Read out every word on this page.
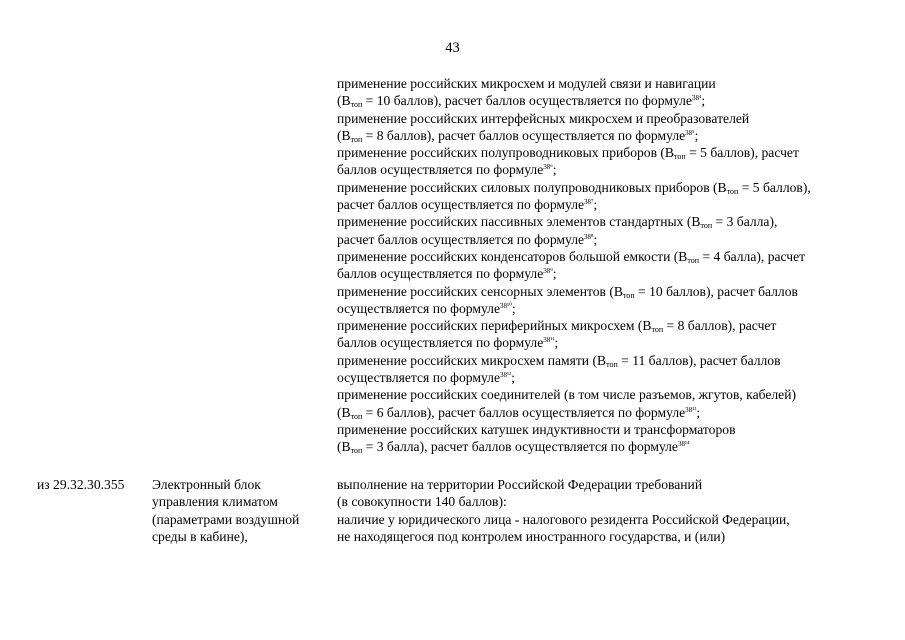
43
применение российских микросхем и модулей связи и навигации
($В_{топ} = 10$ баллов), расчет баллов осуществляется по формуле$^{38^4}$;
применение российских интерфейсных микросхем и преобразователей
($В_{топ} = 8$ баллов), расчет баллов осуществляется по формуле$^{38^5}$;
применение российских полупроводниковых приборов ($В_{топ} = 5$ баллов), расчет
баллов осуществляется по формуле$^{38^6}$;
применение российских силовых полупроводниковых приборов ($В_{топ} = 5$ баллов),
расчет баллов осуществляется по формуле$^{38^7}$;
применение российских пассивных элементов стандартных ($В_{топ} = 3$ балла),
расчет баллов осуществляется по формуле$^{38^8}$;
применение российских конденсаторов большой емкости ($В_{топ} = 4$ балла), расчет
баллов осуществляется по формуле$^{38^9}$;
применение российских сенсорных элементов ($В_{топ} = 10$ баллов), расчет баллов
осуществляется по формуле$^{38^{10}}$;
применение российских периферийных микросхем ($В_{топ} = 8$ баллов), расчет
баллов осуществляется по формуле$^{38^{11}}$;
применение российских микросхем памяти ($В_{топ} = 11$ баллов), расчет баллов
осуществляется по формуле$^{38^{12}}$;
применение российских соединителей (в том числе разъемов, жгутов, кабелей)
($В_{топ} = 6$ баллов), расчет баллов осуществляется по формуле$^{38^{13}}$;
применение российских катушек индуктивности и трансформаторов
($В_{топ} = 3$ балла), расчет баллов осуществляется по формуле$^{38^{14}}$
из 29.32.30.355	Электронный блок
управления климатом
(параметрами воздушной
среды в кабине),
выполнение на территории Российской Федерации требований
(в совокупности 140 баллов):
наличие у юридического лица - налогового резидента Российской Федерации,
не находящегося под контролем иностранного государства, и (или)
